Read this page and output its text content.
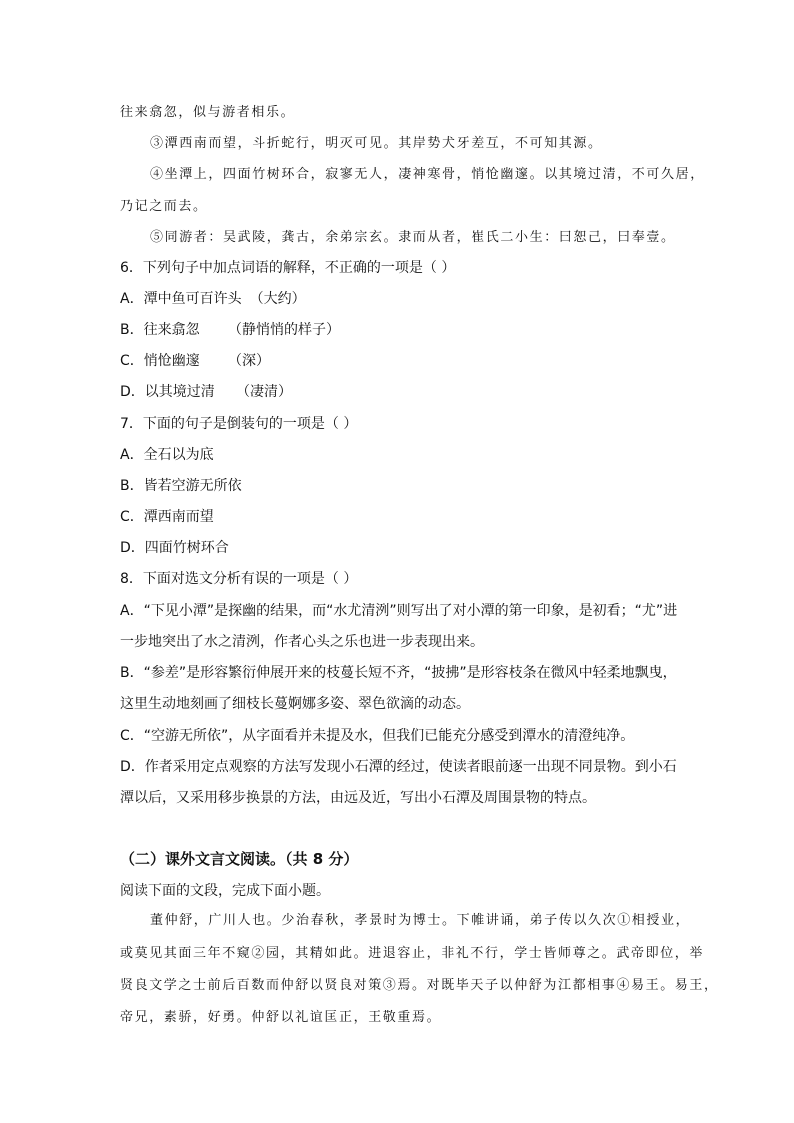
往来翕忽，似与游者相乐。
③潭西南而望，斗折蛇行，明灭可见。其岸势犬牙差互，不可知其源。
④坐潭上，四面竹树环合，寂寥无人，凄神寒骨，悄怆幽邃。以其境过清，不可久居，
乃记之而去。
⑤同游者：吴武陵，龚古，余弟宗玄。隶而从者，崔氏二小生：曰恕己，曰奉壹。
6．下列句子中加点词语的解释，不正确的一项是（ ）
A．潭中鱼可百许头 （大约）
B．往来翕忽 （静悄悄的样子）
C．悄怆幽邃 （深）
D．以其境过清 （凄清）
7．下面的句子是倒装句的一项是（ ）
A．全石以为底
B．皆若空游无所依
C．潭西南而望
D．四面竹树环合
8．下面对选文分析有误的一项是（ ）
A．“下见小潭”是探幽的结果，而“水尤清洌”则写出了对小潭的第一印象，是初看；“尤”进
一步地突出了水之清洌，作者心头之乐也进一步表现出来。
B．“参差”是形容繁衍伸展开来的枝蔓长短不齐，“披拂”是形容枝条在微风中轻柔地飘曳，
这里生动地刻画了细枝长蔓婀娜多姿、翠色欲滴的动态。
C．“空游无所依”，从字面看并未提及水，但我们已能充分感受到潭水的清澄纯净。
D．作者采用定点观察的方法写发现小石潭的经过，使读者眼前逐一出现不同景物。到小石
潭以后，又采用移步换景的方法，由远及近，写出小石潭及周围景物的特点。
（二）课外文言文阅读。（共 8 分）
阅读下面的文段，完成下面小题。
董仲舒，广川人也。少治春秋，孝景时为博士。下帷讲诵，弟子传以久次①相授业，
或莫见其面三年不窥②园，其精如此。进退容止，非礼不行，学士皆师尊之。武帝即位，举
贤良文学之士前后百数而仲舒以贤良对策③焉。对既毕天子以仲舒为江都相事④易王。易王，
帝兄，素骄，好勇。仲舒以礼谊匡正，王敬重焉。
